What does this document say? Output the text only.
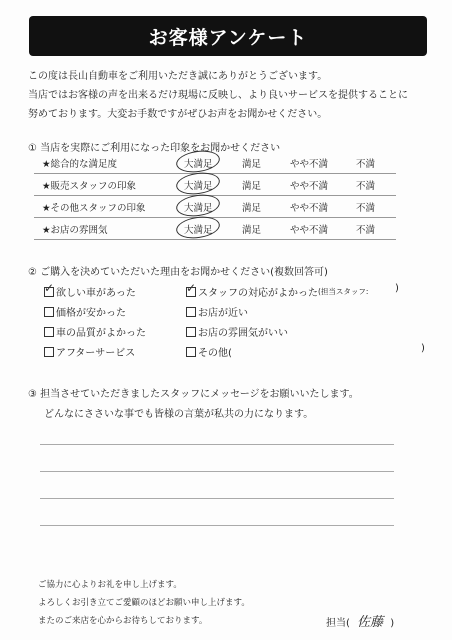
お客様アンケート
この度は長山自動車をご利用いただき誠にありがとうございます。
当店ではお客様の声を出来るだけ現場に反映し、より良いサービスを提供することに
努めております。大変お手数ですがぜひお声をお聞かせください。
① 当店を実際にご利用になった印象をお聞かせください
★総合的な満足度	大満足	満足	やや不満	不満
★販売スタッフの印象	大満足	満足	やや不満	不満
★その他スタッフの印象	大満足	満足	やや不満	不満
★お店の雰囲気	大満足	満足	やや不満	不満
② ご購入を決めていただいた理由をお聞かせください(複数回答可)
✓ 欲しい車があった	✓ スタッフの対応がよかった (担当スタッフ:	)
価格が安かった	お店が近い
車の品質がよかった	お店の雰囲気がいい
アフターサービス	その他(	)
③ 担当させていただきましたスタッフにメッセージをお願いいたします。
どんなにささいな事でも皆様の言葉が私共の力になります。
ご協力に心よりお礼を申し上げます。
よろしくお引き立てご愛顧のほどお願い申し上げます。
またのご来店を心からお待ちしております。	担当( 佐藤 )
